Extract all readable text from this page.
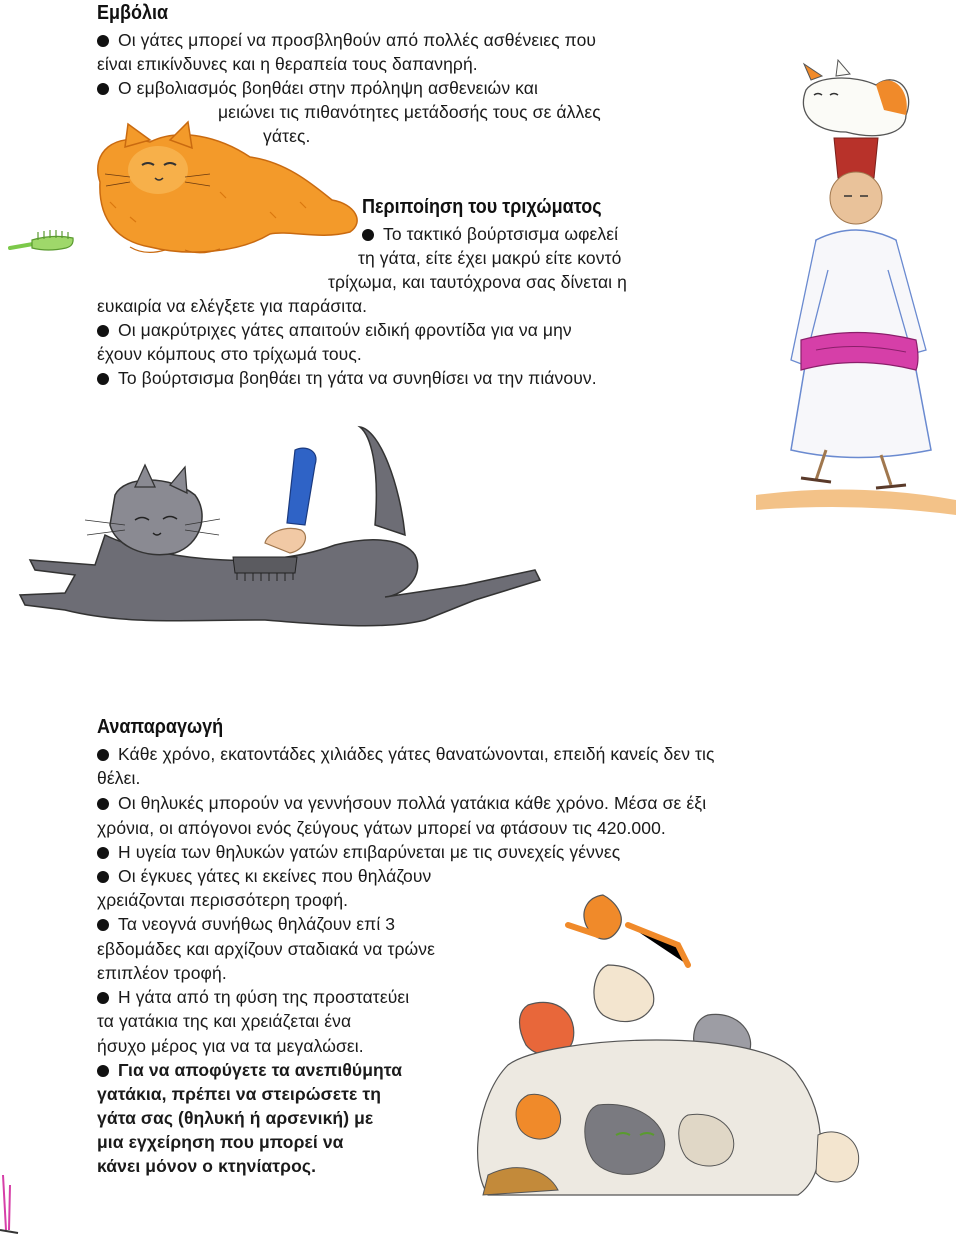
Εμβόλια
Οι γάτες μπορεί να προσβληθούν από πολλές ασθένειες που
είναι επικίνδυνες και η θεραπεία τους δαπανηρή.
Ο εμβολιασμός βοηθάει στην πρόληψη ασθενειών και
μειώνει τις πιθανότητες μετάδοσής τους σε άλλες
γάτες.
Περιποίηση του τριχώματος
Το τακτικό βούρτσισμα ωφελεί
τη γάτα, είτε έχει μακρύ είτε κοντό
τρίχωμα, και ταυτόχρονα σας δίνεται η
ευκαιρία να ελέγξετε για παράσιτα.
Οι μακρύτριχες γάτες απαιτούν ειδική φροντίδα για να μην
έχουν κόμπους στο τρίχωμά τους.
Το βούρτσισμα βοηθάει τη γάτα να συνηθίσει να την πιάνουν.
Αναπαραγωγή
Κάθε χρόνο, εκατοντάδες χιλιάδες γάτες θανατώνονται, επειδή κανείς δεν τις
θέλει.
Οι θηλυκές μπορούν να γεννήσουν πολλά γατάκια κάθε χρόνο. Μέσα σε έξι
χρόνια, οι απόγονοι ενός ζεύγους γάτων μπορεί να φτάσουν τις 420.000.
Η υγεία των θηλυκών γατών επιβαρύνεται με τις συνεχείς γέννες
Οι έγκυες γάτες κι εκείνες που θηλάζουν
χρειάζονται περισσότερη τροφή.
Τα νεογνά συνήθως θηλάζουν επί 3
εβδομάδες και αρχίζουν σταδιακά να τρώνε
επιπλέον τροφή.
Η γάτα από τη φύση της προστατεύει
τα γατάκια της και χρειάζεται ένα
ήσυχο μέρος για να τα μεγαλώσει.
Για να αποφύγετε τα ανεπιθύμητα
γατάκια, πρέπει να στειρώσετε τη
γάτα σας (θηλυκή ή αρσενική) με
μια εγχείρηση που μπορεί να
κάνει μόνον ο κτηνίατρος.
